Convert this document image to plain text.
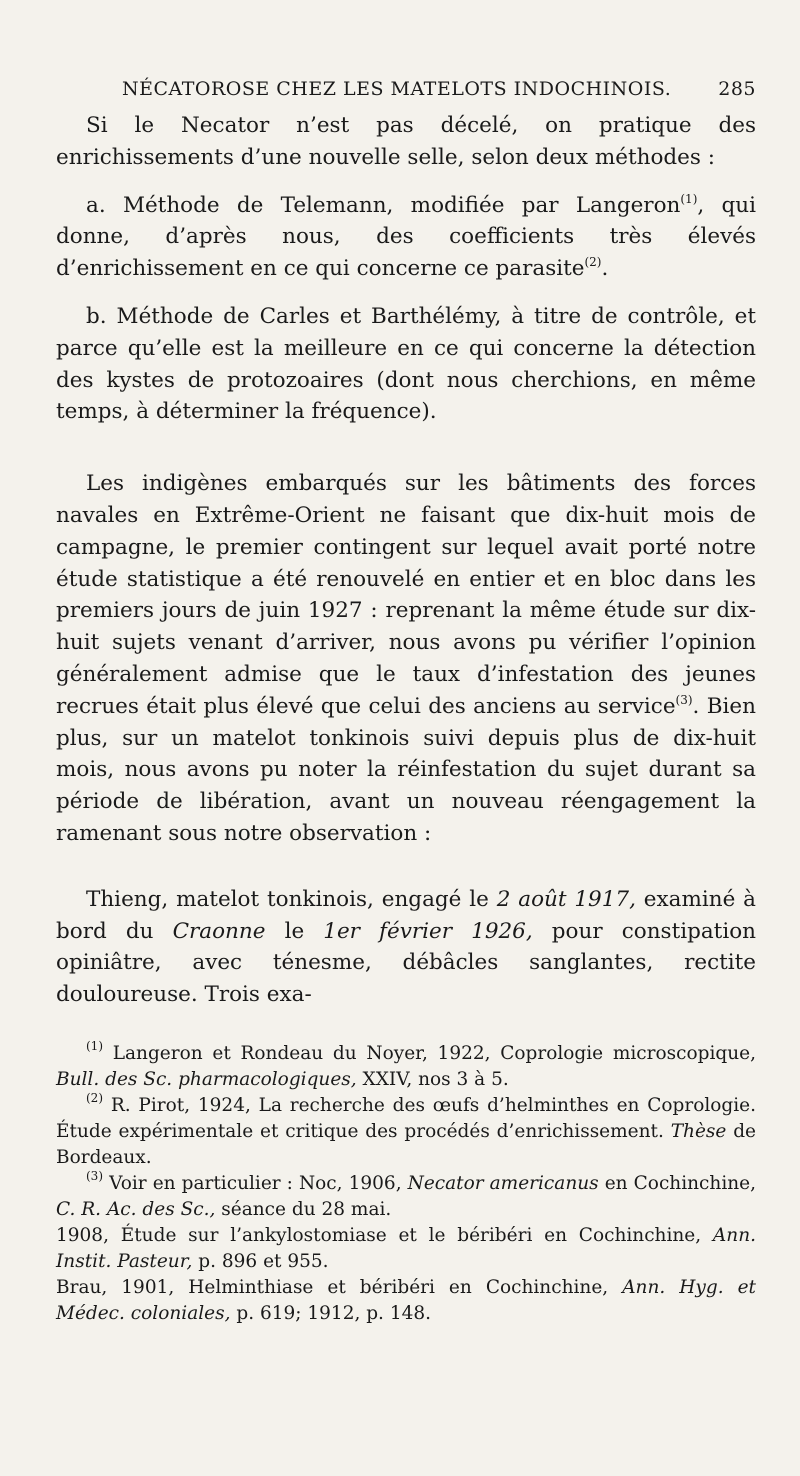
NÉCATOROSE CHEZ LES MATELOTS INDOCHINOIS. 285

Si le Necator n’est pas décelé, on pratique des enrichissements d’une nouvelle selle, selon deux méthodes :

a. Méthode de Telemann, modifiée par Langeron$^{(1)}$, qui donne, d’après nous, des coefficients très élevés d’enrichissement en ce qui concerne ce parasite$^{(2)}$.

b. Méthode de Carles et Barthélémy, à titre de contrôle, et parce qu’elle est la meilleure en ce qui concerne la détection des kystes de protozoaires (dont nous cherchions, en même temps, à déterminer la fréquence).

Les indigènes embarqués sur les bâtiments des forces navales en Extrême-Orient ne faisant que dix-huit mois de campagne, le premier contingent sur lequel avait porté notre étude statistique a été renouvelé en entier et en bloc dans les premiers jours de juin 1927 : reprenant la même étude sur dix-huit sujets venant d’arriver, nous avons pu vérifier l’opinion généralement admise que le taux d’infestation des jeunes recrues était plus élevé que celui des anciens au service$^{(3)}$. Bien plus, sur un matelot tonkinois suivi depuis plus de dix-huit mois, nous avons pu noter la réinfestation du sujet durant sa période de libération, avant un nouveau réengagement la ramenant sous notre observation :

Thieng, matelot tonkinois, engagé le 2 août 1917, examiné à bord du Craonne le 1er février 1926, pour constipation opiniâtre, avec ténesme, débâcles sanglantes, rectite douloureuse. Trois exa-

$^{(1)}$ Langeron et Rondeau du Noyer, 1922, Coprologie microscopique, Bull. des Sc. pharmacologiques, XXIV, nos 3 à 5.

$^{(2)}$ R. Pirot, 1924, La recherche des œufs d’helminthes en Coprologie. Étude expérimentale et critique des procédés d’enrichissement. Thèse de Bordeaux.

$^{(3)}$ Voir en particulier : Noc, 1906, Necator americanus en Cochinchine, C. R. Ac. des Sc., séance du 28 mai.

1908, Étude sur l’ankylostomiase et le béribéri en Cochinchine, Ann. Instit. Pasteur, p. 896 et 955.

Brau, 1901, Helminthiase et béribéri en Cochinchine, Ann. Hyg. et Médec. coloniales, p. 619; 1912, p. 148.
